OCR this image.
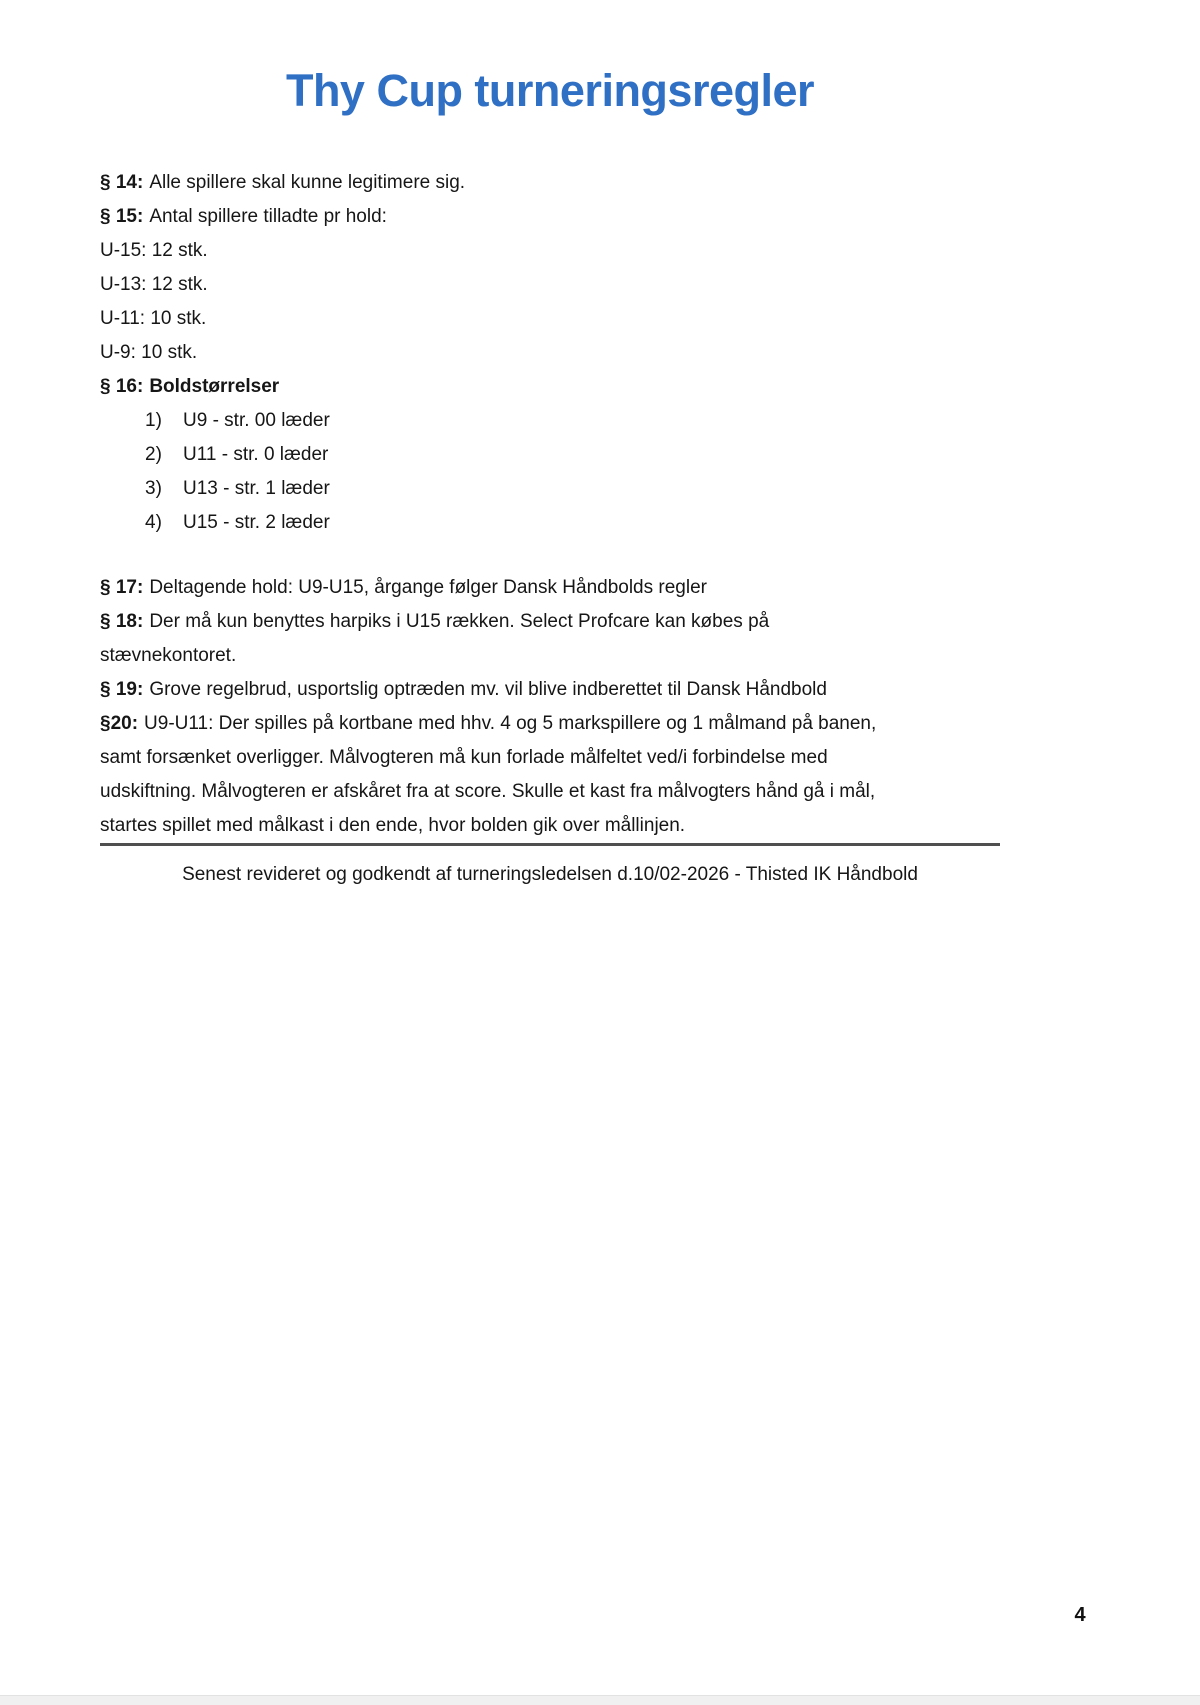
Thy Cup turneringsregler

§ 14: Alle spillere skal kunne legitimere sig.

§ 15: Antal spillere tilladte pr hold:

U-15: 12 stk.

U-13: 12 stk.

U-11: 10 stk.

U-9: 10 stk.

§ 16: Boldstørrelser

1) U9 - str. 00 læder
2) U11 - str. 0 læder
3) U13 - str. 1 læder
4) U15 - str. 2 læder

§ 17: Deltagende hold: U9-U15, årgange følger Dansk Håndbolds regler

§ 18: Der må kun benyttes harpiks i U15 rækken. Select Profcare kan købes på
stævnekontoret.

§ 19: Grove regelbrud, usportslig optræden mv. vil blive indberettet til Dansk Håndbold

§20: U9-U11: Der spilles på kortbane med hhv. 4 og 5 markspillere og 1 målmand på banen,
samt forsænket overligger. Målvogteren må kun forlade målfeltet ved/i forbindelse med
udskiftning. Målvogteren er afskåret fra at score. Skulle et kast fra målvogters hånd gå i mål,
startes spillet med målkast i den ende, hvor bolden gik over mållinjen.

Senest revideret og godkendt af turneringsledelsen d.10/02-2026 - Thisted IK Håndbold

4
